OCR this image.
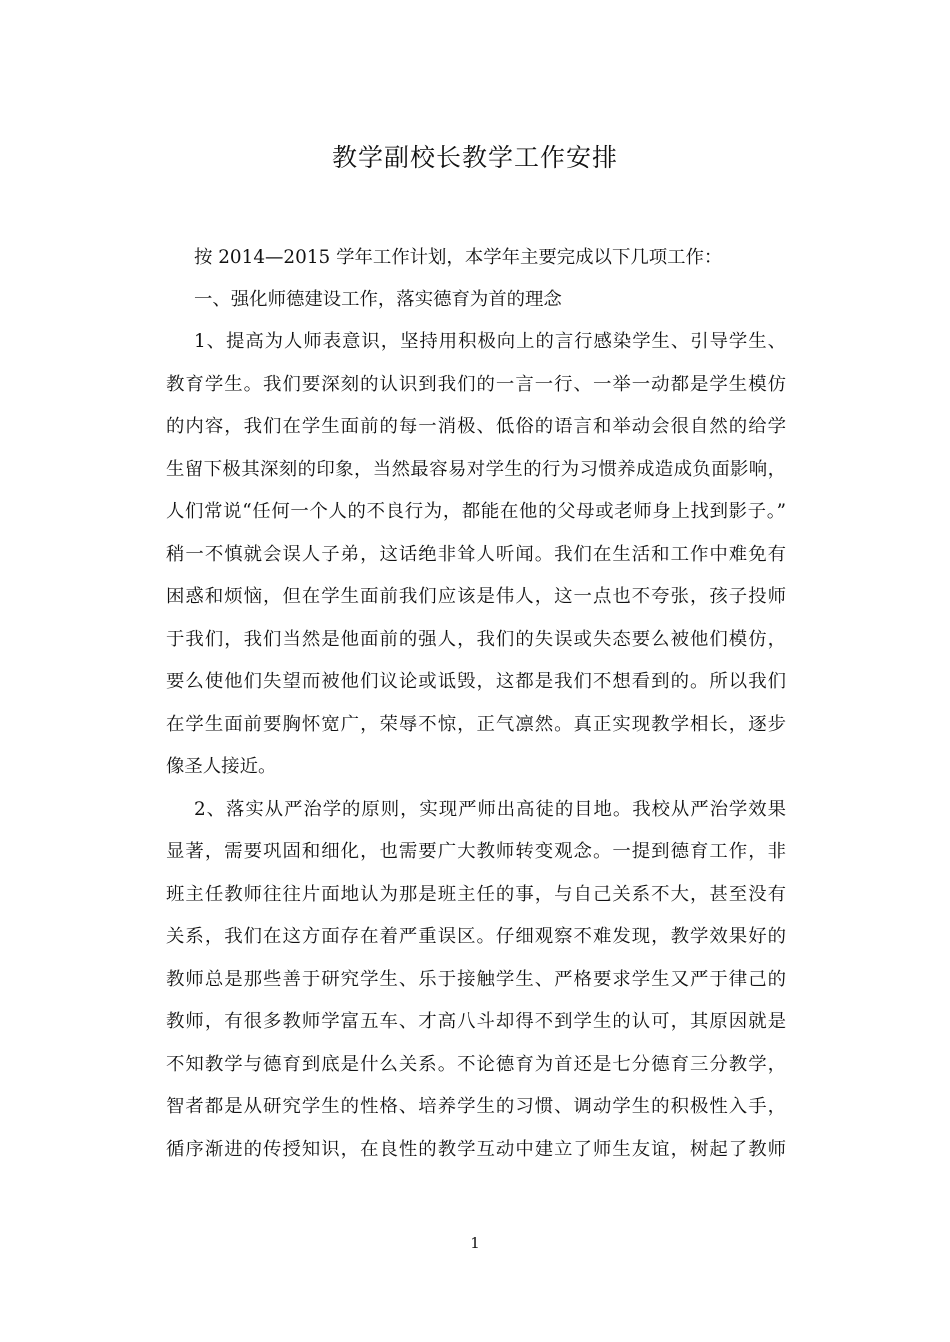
教学副校长教学工作安排
按 2014—2015 学年工作计划，本学年主要完成以下几项工作：
一、强化师德建设工作，落实德育为首的理念
1、提高为人师表意识，坚持用积极向上的言行感染学生、引导学生、
教育学生。我们要深刻的认识到我们的一言一行、一举一动都是学生模仿
的内容，我们在学生面前的每一消极、低俗的语言和举动会很自然的给学
生留下极其深刻的印象，当然最容易对学生的行为习惯养成造成负面影响，
人们常说“任何一个人的不良行为，都能在他的父母或老师身上找到影子。”
稍一不慎就会误人子弟，这话绝非耸人听闻。我们在生活和工作中难免有
困惑和烦恼，但在学生面前我们应该是伟人，这一点也不夸张，孩子投师
于我们，我们当然是他面前的强人，我们的失误或失态要么被他们模仿，
要么使他们失望而被他们议论或诋毁，这都是我们不想看到的。所以我们
在学生面前要胸怀宽广，荣辱不惊，正气凛然。真正实现教学相长，逐步
像圣人接近。
2、落实从严治学的原则，实现严师出高徒的目地。我校从严治学效果
显著，需要巩固和细化，也需要广大教师转变观念。一提到德育工作，非
班主任教师往往片面地认为那是班主任的事，与自己关系不大，甚至没有
关系，我们在这方面存在着严重误区。仔细观察不难发现，教学效果好的
教师总是那些善于研究学生、乐于接触学生、严格要求学生又严于律己的
教师，有很多教师学富五车、才高八斗却得不到学生的认可，其原因就是
不知教学与德育到底是什么关系。不论德育为首还是七分德育三分教学，
智者都是从研究学生的性格、培养学生的习惯、调动学生的积极性入手，
循序渐进的传授知识，在良性的教学互动中建立了师生友谊，树起了教师
1
